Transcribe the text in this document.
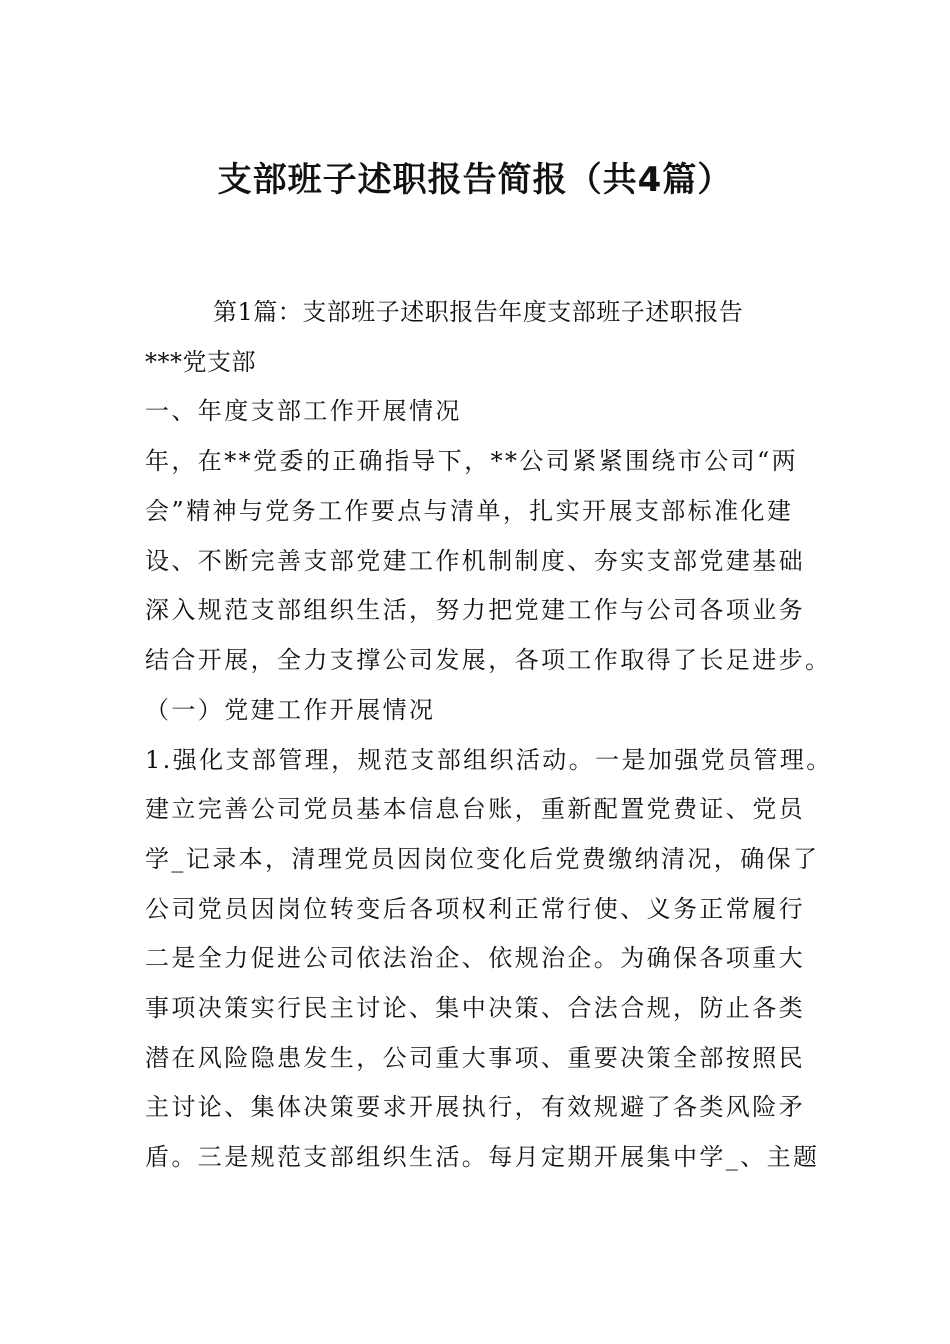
支部班子述职报告简报（共4篇）
第1篇：支部班子述职报告年度支部班子述职报告
***党支部
一、年度支部工作开展情况
年，在**党委的正确指导下，**公司紧紧围绕市公司“两
会”精神与党务工作要点与清单，扎实开展支部标准化建
设、不断完善支部党建工作机制制度、夯实支部党建基础
深入规范支部组织生活，努力把党建工作与公司各项业务
结合开展，全力支撑公司发展，各项工作取得了长足进步。
（一）党建工作开展情况
1.强化支部管理，规范支部组织活动。一是加强党员管理。
建立完善公司党员基本信息台账，重新配置党费证、党员
学_记录本，清理党员因岗位变化后党费缴纳清况，确保了
公司党员因岗位转变后各项权利正常行使、义务正常履行
二是全力促进公司依法治企、依规治企。为确保各项重大
事项决策实行民主讨论、集中决策、合法合规，防止各类
潜在风险隐患发生，公司重大事项、重要决策全部按照民
主讨论、集体决策要求开展执行，有效规避了各类风险矛
盾。三是规范支部组织生活。每月定期开展集中学_、主题
